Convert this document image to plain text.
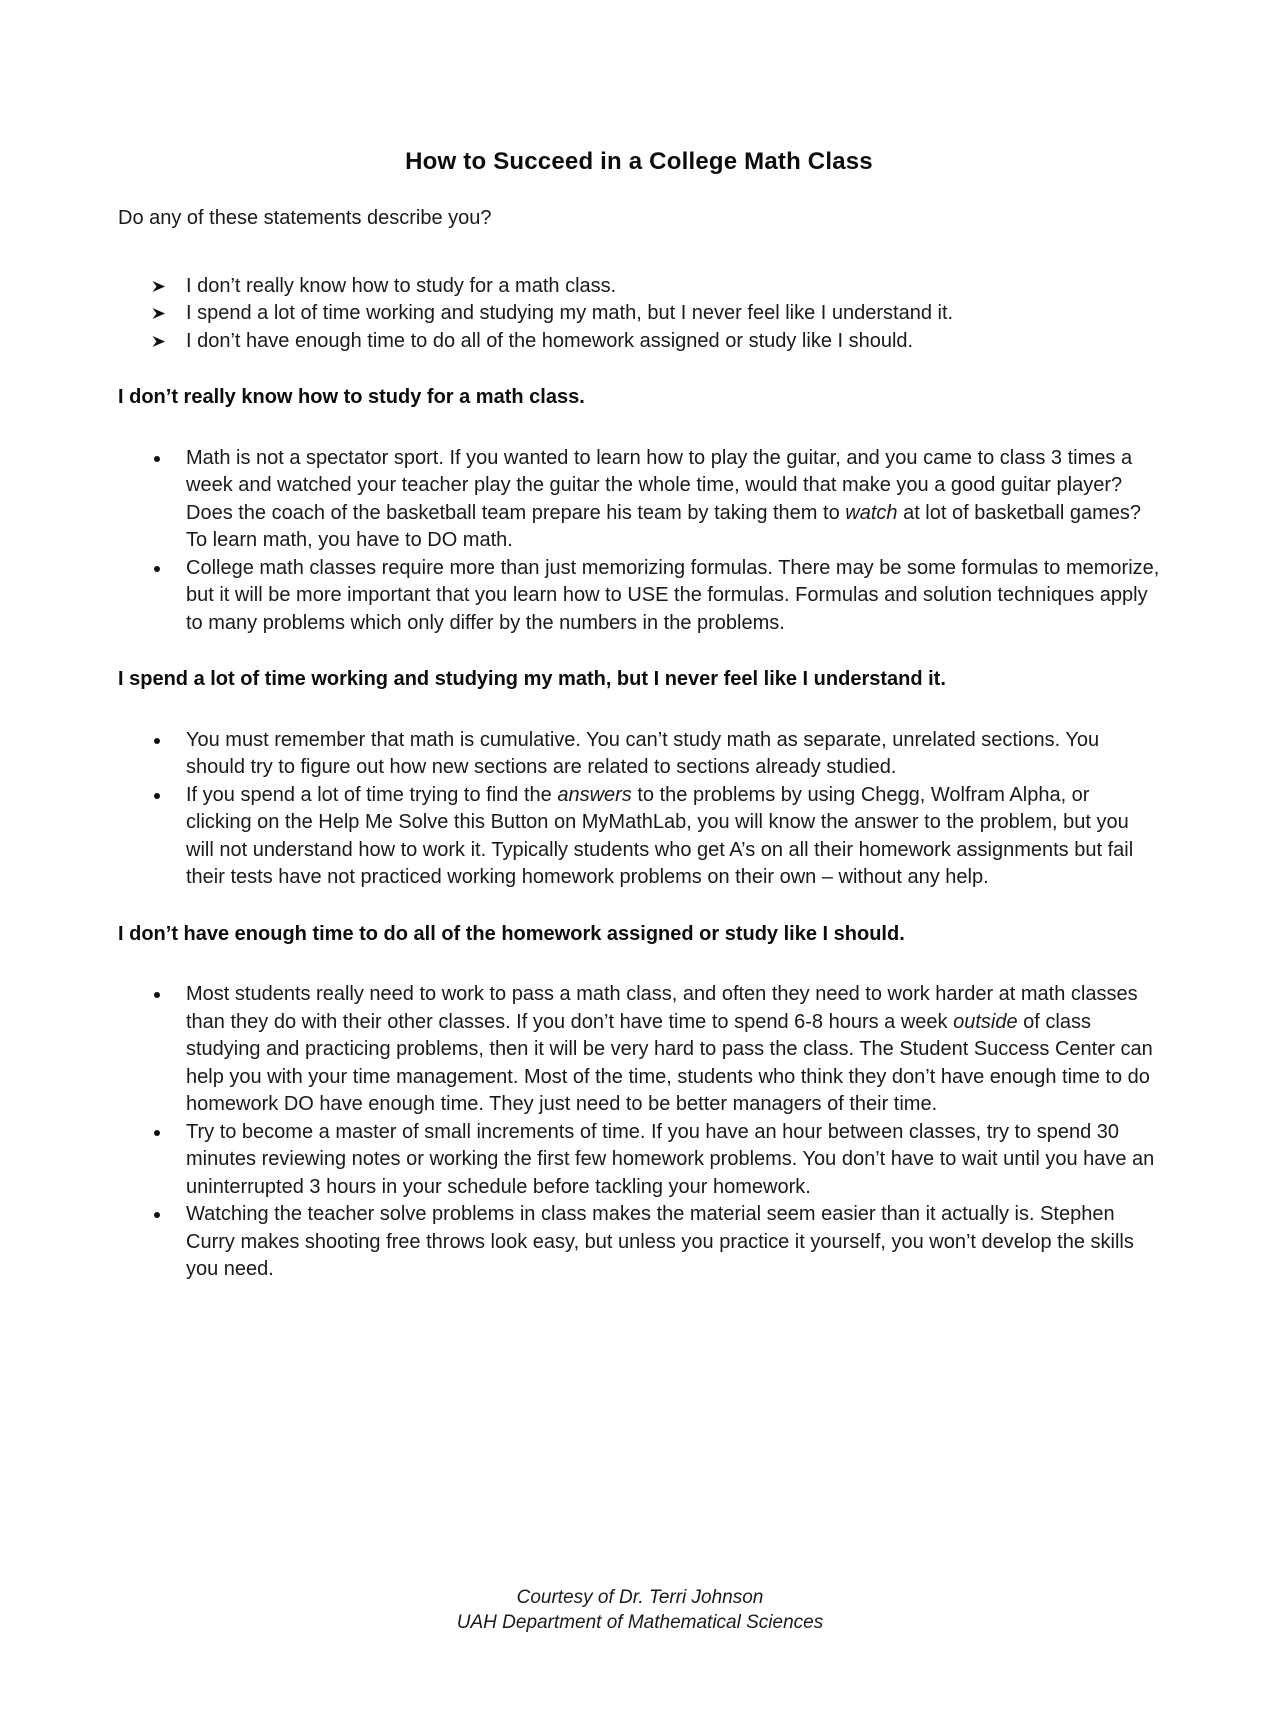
How to Succeed in a College Math Class

Do any of these statements describe you?

I don’t really know how to study for a math class.
I spend a lot of time working and studying my math, but I never feel like I understand it.
I don’t have enough time to do all of the homework assigned or study like I should.
I don’t really know how to study for a math class.
Math is not a spectator sport. If you wanted to learn how to play the guitar, and you came to class 3 times a week and watched your teacher play the guitar the whole time, would that make you a good guitar player? Does the coach of the basketball team prepare his team by taking them to watch at lot of basketball games? To learn math, you have to DO math.
College math classes require more than just memorizing formulas. There may be some formulas to memorize, but it will be more important that you learn how to USE the formulas. Formulas and solution techniques apply to many problems which only differ by the numbers in the problems.
I spend a lot of time working and studying my math, but I never feel like I understand it.
You must remember that math is cumulative. You can’t study math as separate, unrelated sections. You should try to figure out how new sections are related to sections already studied.
If you spend a lot of time trying to find the answers to the problems by using Chegg, Wolfram Alpha, or clicking on the Help Me Solve this Button on MyMathLab, you will know the answer to the problem, but you will not understand how to work it. Typically students who get A’s on all their homework assignments but fail their tests have not practiced working homework problems on their own – without any help.
I don’t have enough time to do all of the homework assigned or study like I should.
Most students really need to work to pass a math class, and often they need to work harder at math classes than they do with their other classes. If you don’t have time to spend 6-8 hours a week outside of class studying and practicing problems, then it will be very hard to pass the class. The Student Success Center can help you with your time management. Most of the time, students who think they don’t have enough time to do homework DO have enough time. They just need to be better managers of their time.
Try to become a master of small increments of time. If you have an hour between classes, try to spend 30 minutes reviewing notes or working the first few homework problems. You don’t have to wait until you have an uninterrupted 3 hours in your schedule before tackling your homework.
Watching the teacher solve problems in class makes the material seem easier than it actually is. Stephen Curry makes shooting free throws look easy, but unless you practice it yourself, you won’t develop the skills you need.
Courtesy of Dr. Terri Johnson
UAH Department of Mathematical Sciences
